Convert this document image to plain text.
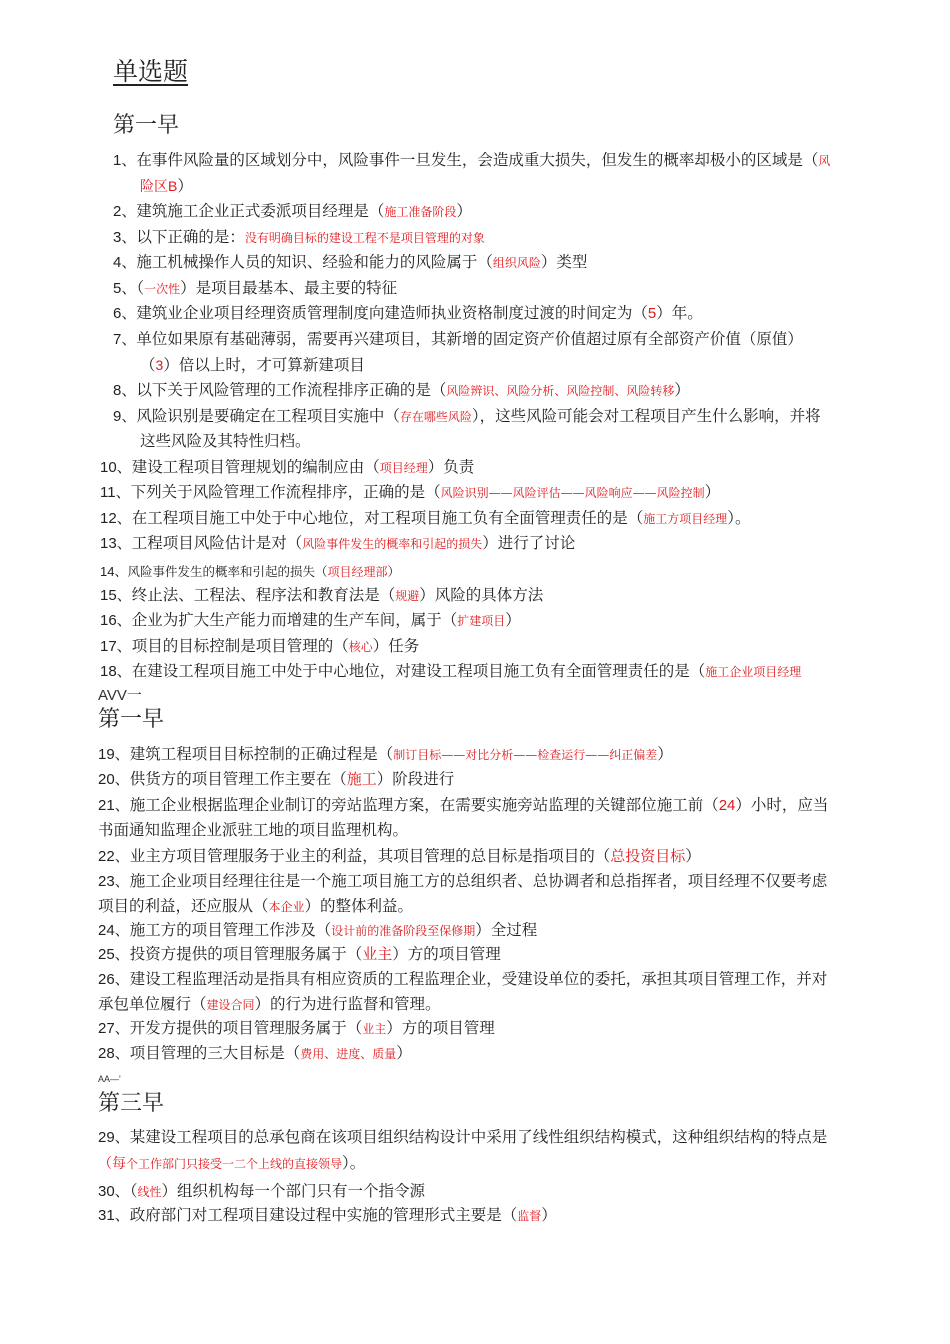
单选题
第一早
1、在事件风险量的区域划分中，风险事件一旦发生，会造成重大损失，但发生的概率却极小的区域是（风
险区B）
2、建筑施工企业正式委派项目经理是（施工准备阶段）
3、以下正确的是：没有明确目标的建设工程不是项目管理的对象
4、施工机械操作人员的知识、经验和能力的风险属于（组织风险）类型
5、（一次性）是项目最基本、最主要的特征
6、建筑业企业项目经理资质管理制度向建造师执业资格制度过渡的时间定为（5）年。
7、单位如果原有基础薄弱，需要再兴建项目，其新增的固定资产价值超过原有全部资产价值（原值）
（3）倍以上时，才可算新建项目
8、以下关于风险管理的工作流程排序正确的是（风险辨识、风险分析、风险控制、风险转移）
9、风险识别是要确定在工程项目实施中（存在哪些风险），这些风险可能会对工程项目产生什么影响，并将
这些风险及其特性归档。
10、建设工程项目管理规划的编制应由（项目经理）负责
11、下列关于风险管理工作流程排序，正确的是（风险识别——风险评估——风险响应——风险控制）
12、在工程项目施工中处于中心地位，对工程项目施工负有全面管理责任的是（施工方项目经理）。
13、工程项目风险估计是对（风险事件发生的概率和引起的损失）进行了讨论
14、风险事件发生的概率和引起的损失（项目经理部）
15、终止法、工程法、程序法和教育法是（规避）风险的具体方法
16、企业为扩大生产能力而增建的生产车间，属于（扩建项目）
17、项目的目标控制是项目管理的（核心）任务
18、在建设工程项目施工中处于中心地位，对建设工程项目施工负有全面管理责任的是（施工企业项目经理
AVV一
第一早
19、建筑工程项目目标控制的正确过程是（制订目标——对比分析——检查运行——纠正偏差）
20、供货方的项目管理工作主要在（施工）阶段进行
21、施工企业根据监理企业制订的旁站监理方案，在需要实施旁站监理的关键部位施工前（24）小时，应当
书面通知监理企业派驻工地的项目监理机构。
22、业主方项目管理服务于业主的利益，其项目管理的总目标是指项目的（总投资目标）
23、施工企业项目经理往往是一个施工项目施工方的总组织者、总协调者和总指挥者，项目经理不仅要考虑
项目的利益，还应服从（本企业）的整体利益。
24、施工方的项目管理工作涉及（设计前的准备阶段至保修期）全过程
25、投资方提供的项目管理服务属于（业主）方的项目管理
26、建设工程监理活动是指具有相应资质的工程监理企业，受建设单位的委托，承担其项目管理工作，并对
承包单位履行（建设合同）的行为进行监督和管理。
27、开发方提供的项目管理服务属于（业主）方的项目管理
28、项目管理的三大目标是（费用、进度、质量）
AA—'
第三早
29、某建设工程项目的总承包商在该项目组织结构设计中采用了线性组织结构模式，这种组织结构的特点是
（每个工作部门只接受一二个上线的直接领导）。
30、（线性）组织机构每一个部门只有一个指令源
31、政府部门对工程项目建设过程中实施的管理形式主要是（监督）
